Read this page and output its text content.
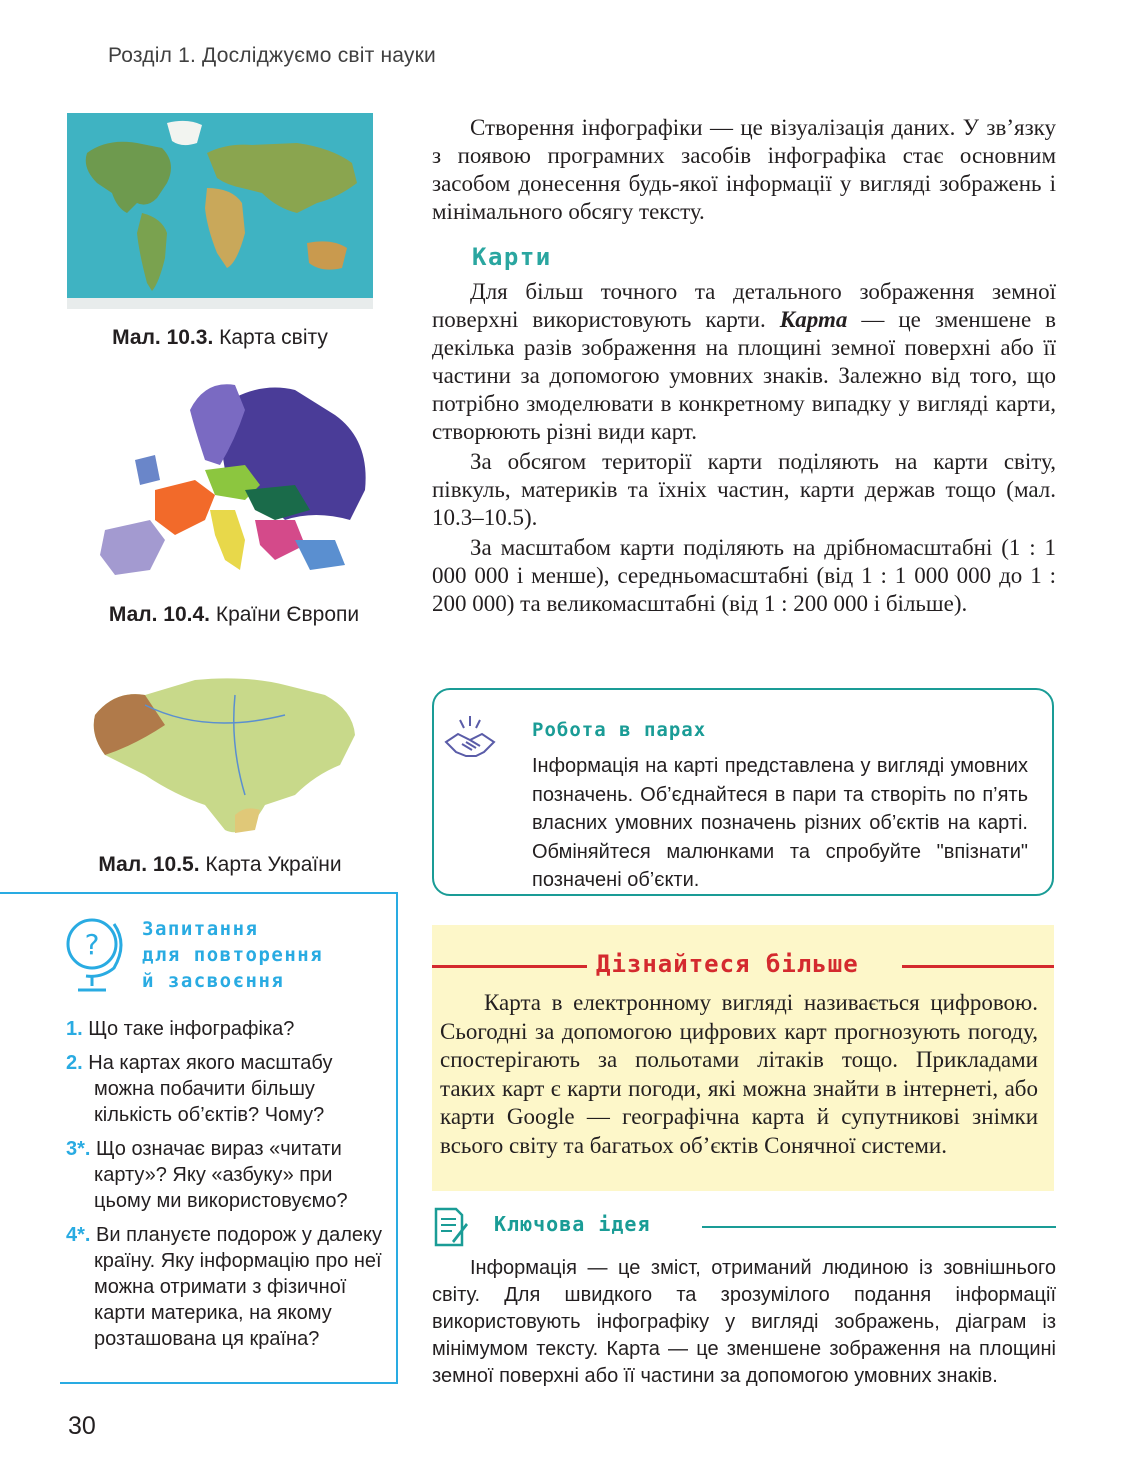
Розділ 1. Досліджуємо світ науки
Мал. 10.3. Карта світу
Мал. 10.4. Країни Європи
Мал. 10.5. Карта України

Створення інфографіки — це візуалізація даних. У зв’язку з появою програмних засобів інфографіка стає основним засобом донесення будь-якої інформації у вигляді зображень і мінімального обсягу тексту.

Карти

Для більш точного та детального зображення земної поверхні використовують карти. Карта — це зменшене в декілька разів зображення на площині земної поверхні або її частини за допомогою умовних знаків. Залежно від того, що потрібно змоделювати в конкретному випадку у вигляді карти, створюють різні види карт.

За обсягом території карти поділяють на карти світу, півкуль, материків та їхніх частин, карти держав тощо (мал. 10.3–10.5).

За масштабом карти поділяють на дрібномасштабні (1 : 1 000 000 і менше), середньомасштабні (від 1 : 1 000 000 до 1 : 200 000) та великомасштабні (від 1 : 200 000 і більше).

Робота в парах
Інформація на карті представлена у вигляді умовних позначень. Об’єднайтеся в пари та створіть по п’ять власних умовних позначень різних об’єктів на карті. Обміняйтеся малюнками та спробуйте "впізнати" позначені об’єкти.
Дізнайтеся більше

Карта в електронному вигляді називається цифровою. Сьогодні за допомогою цифрових карт прогнозують погоду, спостерігають за польотами літаків тощо. Прикладами таких карт є карти погоди, які можна знайти в інтернеті, або карти Google — географічна карта й супутникові знімки всього світу та багатьох об’єктів Сонячної системи.

Ключова ідея

Інформація — це зміст, отриманий людиною із зовнішнього світу. Для швидкого та зрозумілого подання інформації використовують інфографіку у вигляді зображень, діаграм із мінімумом тексту. Карта — це зменшене зображення на площині земної поверхні або її частини за допомогою умовних знаків.

? Запитання
для повторення
й засвоєння
1. Що таке інфографіка?
2. На картах якого масштабу можна побачити більшу кількість об’єктів? Чому?
3*. Що означає вираз «читати карту»? Яку «азбуку» при цьому ми використовуємо?
4*. Ви плануєте подорож у далеку країну. Яку інформацію про неї можна отримати з фізичної карти материка, на якому розташована ця країна?
30
